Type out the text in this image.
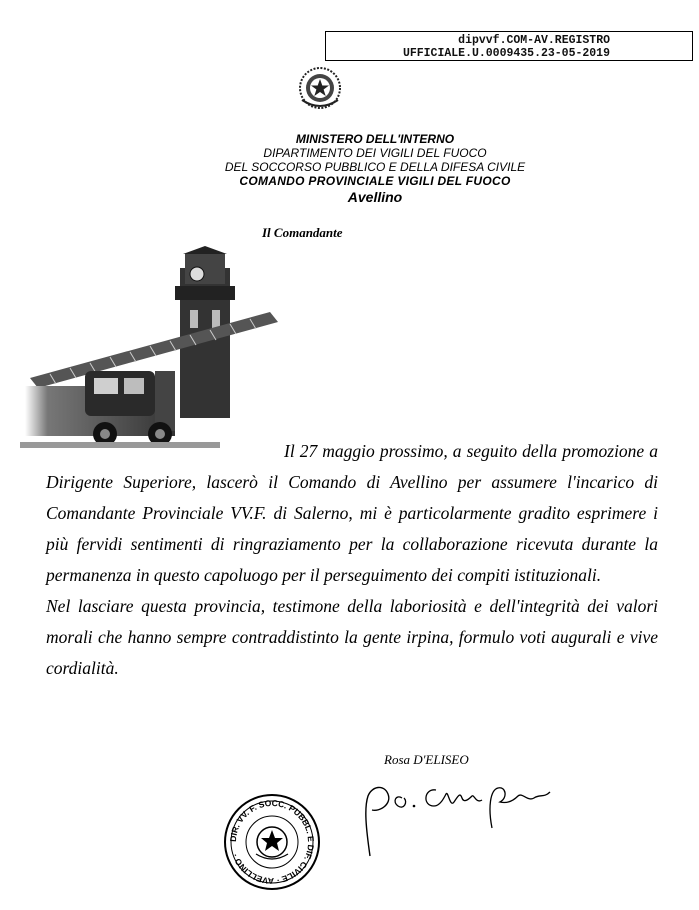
dipvvf.COM-AV.REGISTRO
UFFICIALE.U.0009435.23-05-2019
MINISTERO DELL'INTERNO
DIPARTIMENTO DEI VIGILI DEL FUOCO
DEL SOCCORSO PUBBLICO E DELLA DIFESA CIVILE
COMANDO PROVINCIALE VIGILI DEL FUOCO
Avellino
Il Comandante

Il 27 maggio prossimo, a seguito della promozione a Dirigente Superiore, lascerò il Comando di Avellino per assumere l'incarico di Comandante Provinciale VV.F. di Salerno, mi è particolarmente gradito esprimere i più fervidi sentimenti di ringraziamento per la collaborazione ricevuta durante la permanenza in questo capoluogo per il perseguimento dei compiti istituzionali.

Nel lasciare questa provincia, testimone della laboriosità e dell'integrità dei valori morali che hanno sempre contraddistinto la gente irpina, formulo voti augurali e vive cordialità.

Rosa D'ELISEO
DIR. VV. F. SOCC. PUBBL. E DIF. CIVILE · AVELLINO ·
